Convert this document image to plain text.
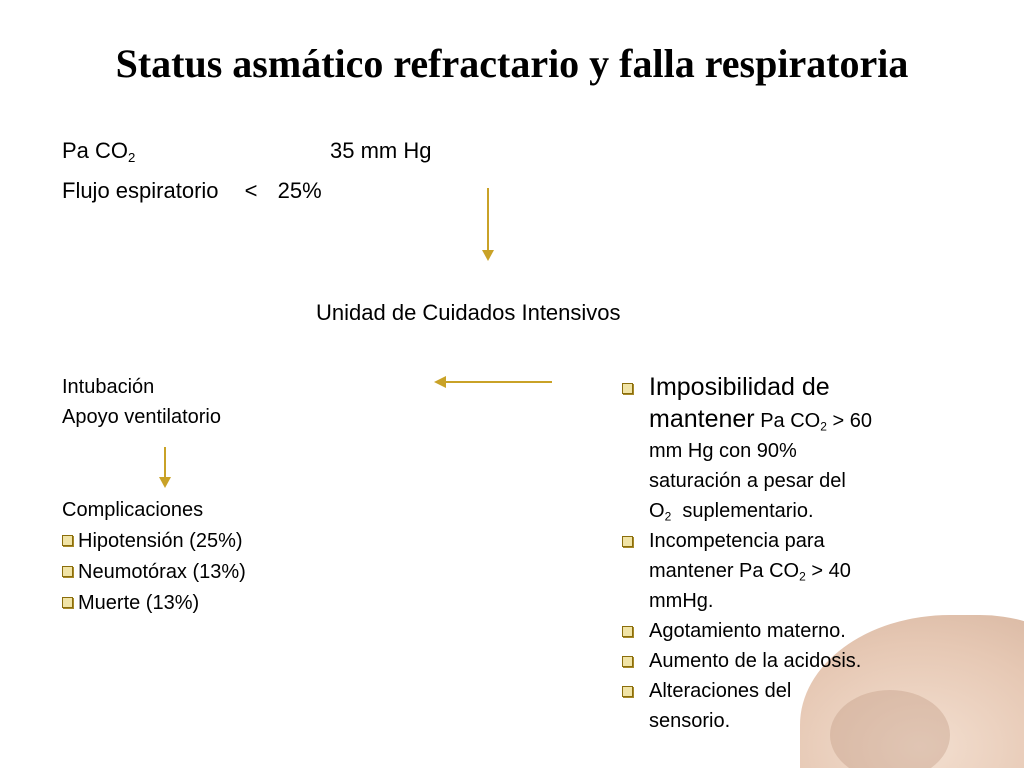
Status asmático refractario y falla respiratoria
Pa $CO_2$	35 mm Hg
Flujo espiratorio < 25%
Unidad de Cuidados Intensivos
Intubación
Apoyo ventilatorio
Complicaciones
Hipotensión (25%)
Neumotórax (13%)
Muerte (13%)
Imposibilidad de
mantener Pa $CO_2 > 60$
mm Hg con 90%
saturación a pesar del
$O_2$ suplementario.
Incompetencia para
mantener Pa $CO_2 > 40$
mmHg.
Agotamiento materno.
Aumento de la acidosis.
Alteraciones del
sensorio.
